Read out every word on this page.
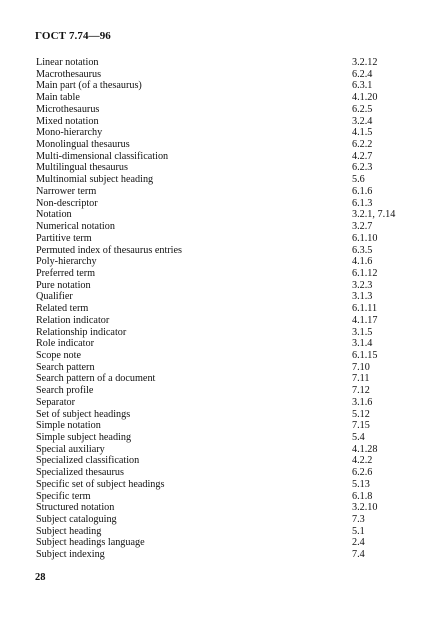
ГОСТ 7.74—96
Linear notation	3.2.12
Macrothesaurus	6.2.4
Main part (of a thesaurus)	6.3.1
Main table	4.1.20
Microthesaurus	6.2.5
Mixed notation	3.2.4
Mono-hierarchy	4.1.5
Monolingual thesaurus	6.2.2
Multi-dimensional classification	4.2.7
Multilingual thesaurus	6.2.3
Multinomial subject heading	5.6
Narrower term	6.1.6
Non-descriptor	6.1.3
Notation	3.2.1, 7.14
Numerical notation	3.2.7
Partitive term	6.1.10
Permuted index of thesaurus entries	6.3.5
Poly-hierarchy	4.1.6
Preferred term	6.1.12
Pure notation	3.2.3
Qualifier	3.1.3
Related term	6.1.11
Relation indicator	4.1.17
Relationship indicator	3.1.5
Role indicator	3.1.4
Scope note	6.1.15
Search pattern	7.10
Search pattern of a document	7.11
Search profile	7.12
Separator	3.1.6
Set of subject headings	5.12
Simple notation	7.15
Simple subject heading	5.4
Special auxiliary	4.1.28
Specialized classification	4.2.2
Specialized thesaurus	6.2.6
Specific set of subject headings	5.13
Specific term	6.1.8
Structured notation	3.2.10
Subject cataloguing	7.3
Subject heading	5.1
Subject headings language	2.4
Subject indexing	7.4
28
